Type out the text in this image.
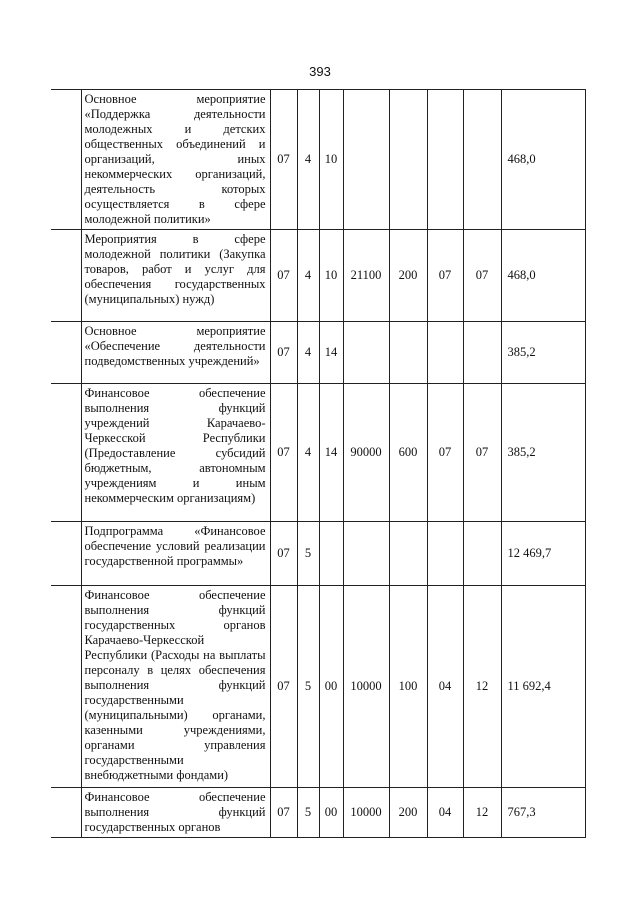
393
	Основное мероприятие «Поддержка деятельности молодежных и детских общественных объединений и организаций, иных некоммерческих организаций, деятельность которых осуществляется в сфере молодежной политики»	07	4	10					468,0
	Мероприятия в сфере молодежной политики (Закупка товаров, работ и услуг для обеспечения государственных (муниципальных) нужд)	07	4	10	21100	200	07	07	468,0
	Основное мероприятие «Обеспечение деятельности подведомственных учреждений»	07	4	14					385,2
	Финансовое обеспечение выполнения функций учреждений Карачаево-Черкесской Республики (Предоставление субсидий бюджетным, автономным учреждениям и иным некоммерческим организациям)	07	4	14	90000	600	07	07	385,2
	Подпрограмма «Финансовое обеспечение условий реализации государственной программы»	07	5						12 469,7
	Финансовое обеспечение выполнения функций государственных органов Карачаево-Черкесской Республики (Расходы на выплаты персоналу в целях обеспечения выполнения функций государственными (муниципальными) органами, казенными учреждениями, органами управления государственными внебюджетными фондами)	07	5	00	10000	100	04	12	11 692,4
	Финансовое обеспечение выполнения функций государственных органов	07	5	00	10000	200	04	12	767,3
